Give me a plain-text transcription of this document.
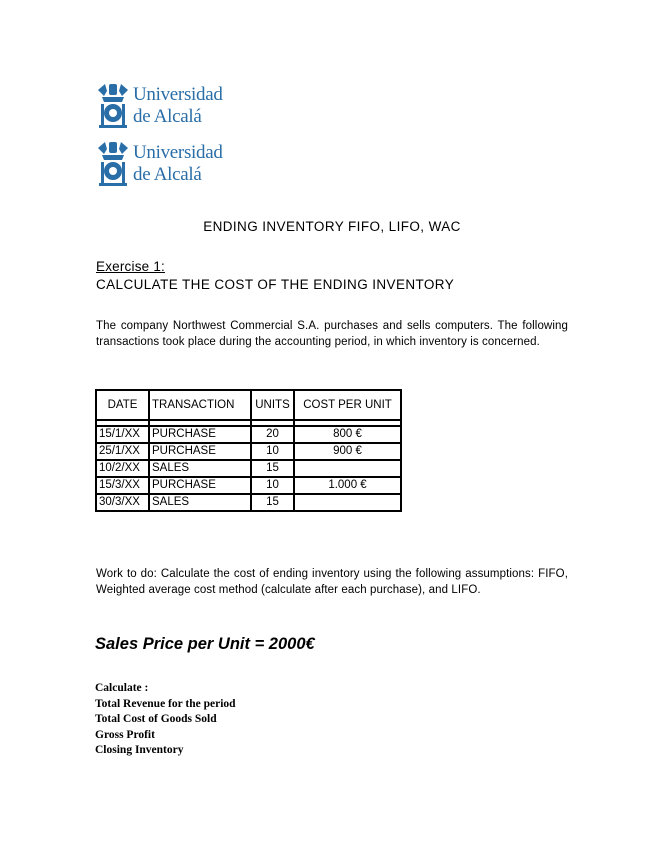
Universidad
de Alcalá
Universidad
de Alcalá
ENDING INVENTORY FIFO, LIFO, WAC
Exercise 1:
CALCULATE THE COST OF THE ENDING INVENTORY
The company Northwest Commercial S.A. purchases and sells computers. The following transactions took place during the accounting period, in which inventory is concerned.
DATE	TRANSACTION	UNITS	COST PER UNIT

15/1/XX	PURCHASE	20	800 €
25/1/XX	PURCHASE	10	900 €
10/2/XX	SALES	15	
15/3/XX	PURCHASE	10	1.000 €
30/3/XX	SALES	15	
Work to do: Calculate the cost of ending inventory using the following assumptions: FIFO, Weighted average cost method (calculate after each purchase), and LIFO.
Sales Price per Unit = 2000€
Calculate :
Total Revenue for the period
Total Cost of Goods Sold
Gross Profit
Closing Inventory
